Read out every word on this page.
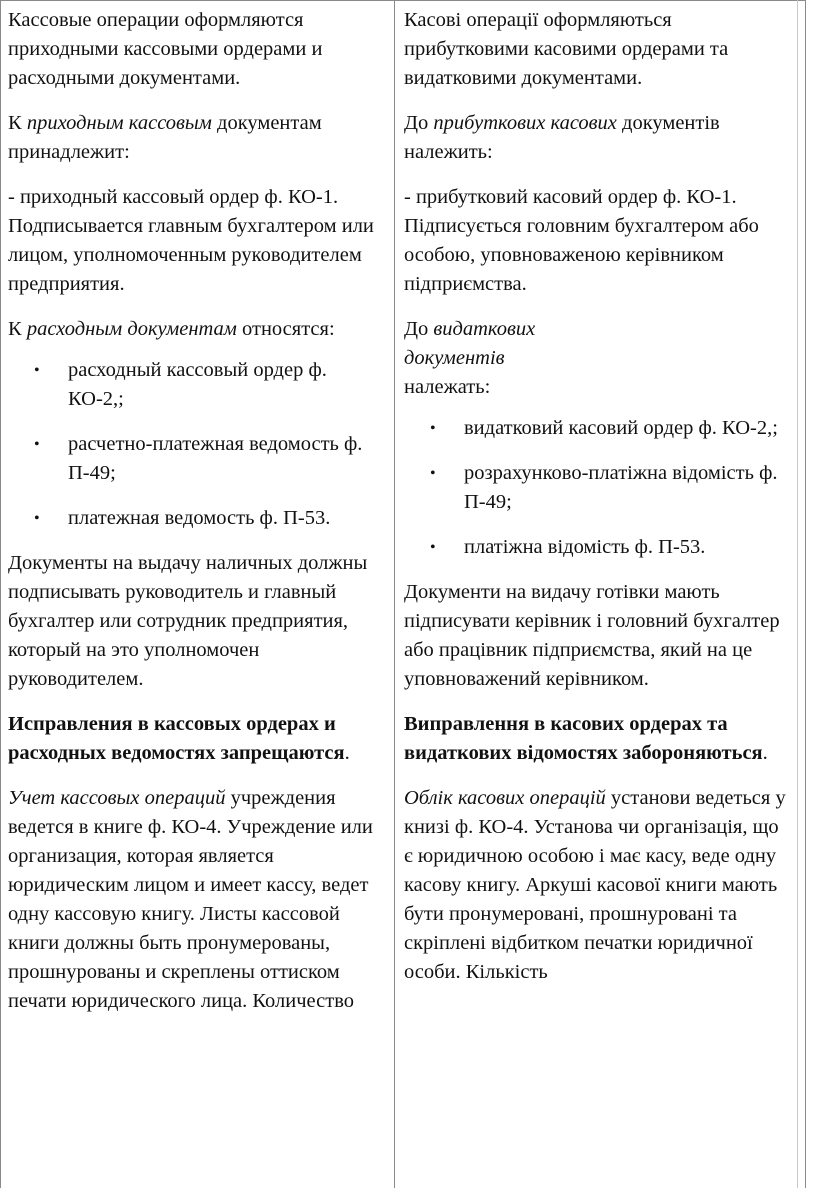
Кассовые операции оформляются приходными кассовыми ордерами и расходными документами.

К приходным кассовым документам принадлежит:

- приходный кассовый ордер ф. КО-1. Подписывается главным бухгалтером или лицом, уполномоченным руководителем предприятия.

К расходным документам относятся:

• расходный кассовый ордер ф. КО-2,;
• расчетно-платежная ведомость ф. П-49;
• платежная ведомость ф. П-53.

Документы на выдачу наличных должны подписывать руководитель и главный бухгалтер или сотрудник предприятия, который на это уполномочен руководителем.

Исправления в кассовых ордерах и расходных ведомостях запрещаются.

Учет кассовых операций учреждения ведется в книге ф. КО-4. Учреждение или организация, которая является юридическим лицом и имеет кассу, ведет одну кассовую книгу. Листы кассовой книги должны быть пронумерованы, прошнурованы и скреплены оттиском печати юридического лица. Количество

Касові операції оформляються прибутковими касовими ордерами та видатковими документами.

До прибуткових касових документів належить:

- прибутковий касовий ордер ф. КО-1. Підписується головним бухгалтером або особою, уповноваженою керівником підприємства.

До видаткових документів належать:

• видатковий касовий ордер ф. КО-2,;
• розрахунково-платіжна відомість ф. П-49;
• платіжна відомість ф. П-53.

Документи на видачу готівки мають підписувати керівник і головний бухгалтер або працівник підприємства, який на це уповноважений керівником.

Виправлення в касових ордерах та видаткових відомостях забороняються.

Облік касових операцій установи ведеться у книзі ф. КО-4. Установа чи організація, що є юридичною особою і має касу, веде одну касову книгу. Аркуші касової книги мають бути пронумеровані, прошнуровані та скріплені відбитком печатки юридичної особи. Кількість
